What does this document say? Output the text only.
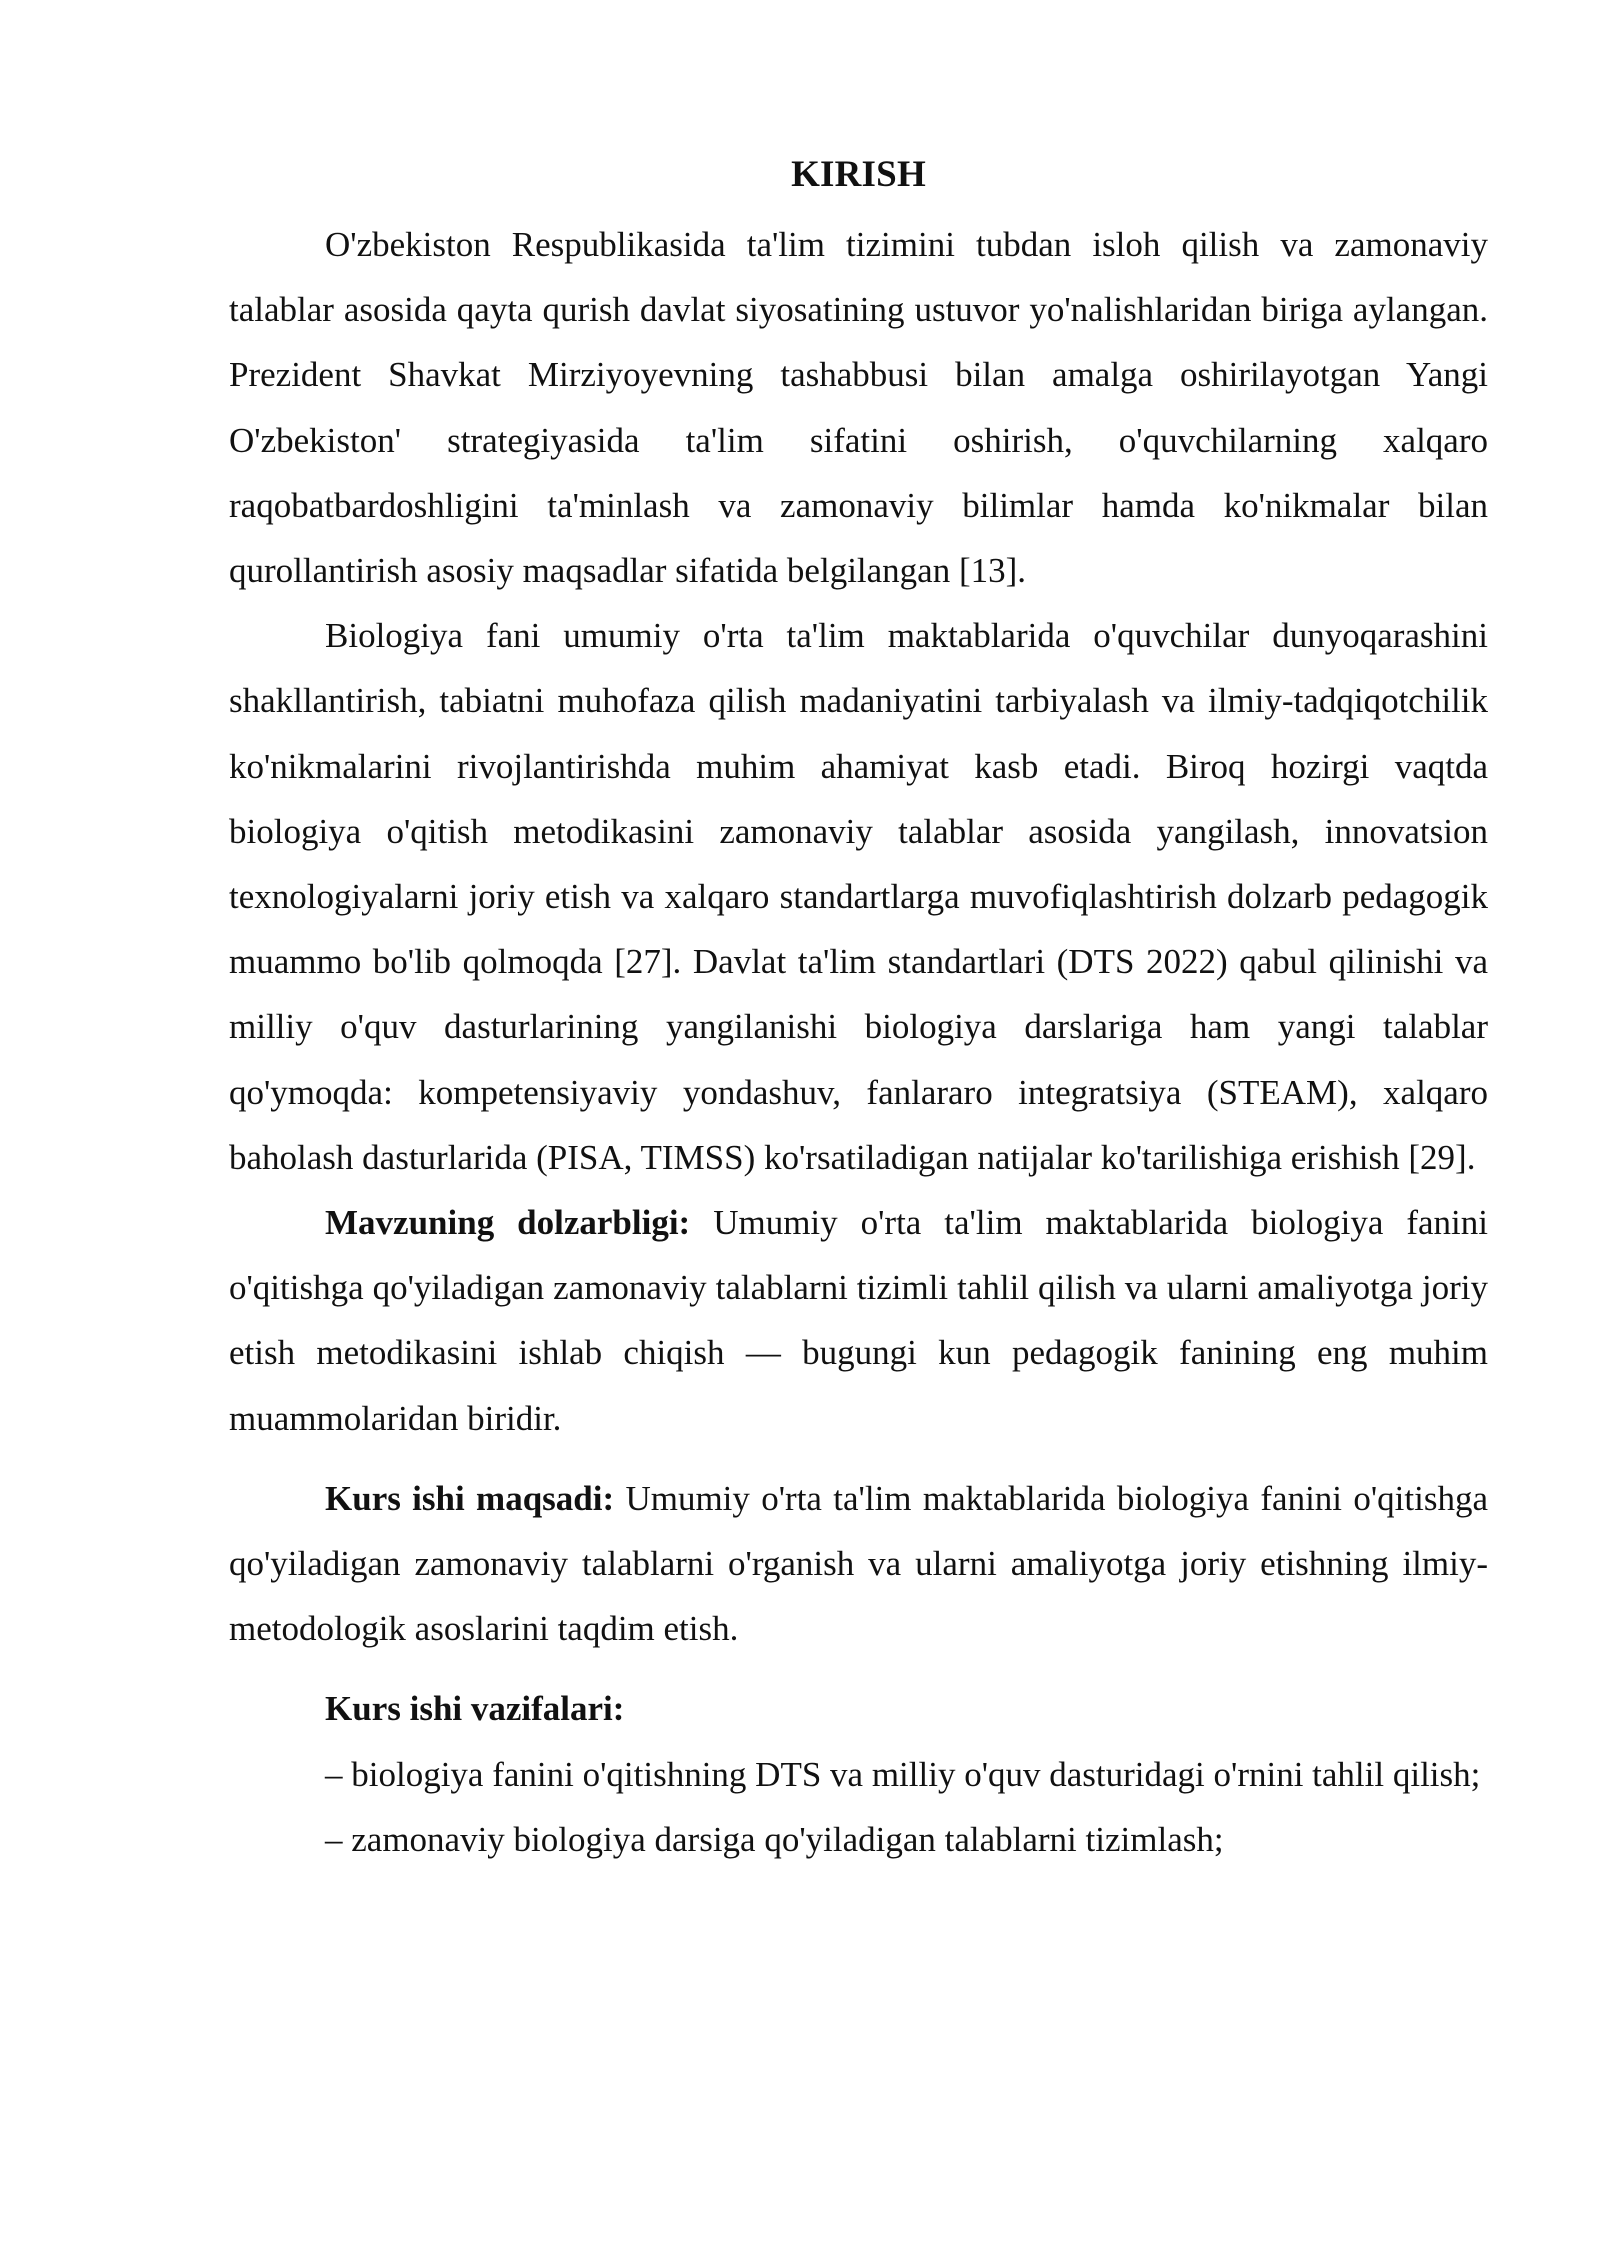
KIRISH

O'zbekiston Respublikasida ta'lim tizimini tubdan isloh qilish va zamonaviy talablar asosida qayta qurish davlat siyosatining ustuvor yo'nalishlaridan biriga aylangan. Prezident Shavkat Mirziyoyevning tashabbusi bilan amalga oshirilayotgan Yangi O'zbekiston' strategiyasida ta'lim sifatini oshirish, o'quvchilarning xalqaro raqobatbardoshligini ta'minlash va zamonaviy bilimlar hamda ko'nikmalar bilan qurollantirish asosiy maqsadlar sifatida belgilangan [13].

Biologiya fani umumiy o'rta ta'lim maktablarida o'quvchilar dunyoqarashini shakllantirish, tabiatni muhofaza qilish madaniyatini tarbiyalash va ilmiy-tadqiqotchilik ko'nikmalarini rivojlantirishda muhim ahamiyat kasb etadi. Biroq hozirgi vaqtda biologiya o'qitish metodikasini zamonaviy talablar asosida yangilash, innovatsion texnologiyalarni joriy etish va xalqaro standartlarga muvofiqlashtirish dolzarb pedagogik muammo bo'lib qolmoqda [27]. Davlat ta'lim standartlari (DTS 2022) qabul qilinishi va milliy o'quv dasturlarining yangilanishi biologiya darslariga ham yangi talablar qo'ymoqda: kompetensiyaviy yondashuv, fanlararo integratsiya (STEAM), xalqaro baholash dasturlarida (PISA, TIMSS) ko'rsatiladigan natijalar ko'tarilishiga erishish [29].

Mavzuning dolzarbligi: Umumiy o'rta ta'lim maktablarida biologiya fanini o'qitishga qo'yiladigan zamonaviy talablarni tizimli tahlil qilish va ularni amaliyotga joriy etish metodikasini ishlab chiqish — bugungi kun pedagogik fanining eng muhim muammolaridan biridir.

Kurs ishi maqsadi: Umumiy o'rta ta'lim maktablarida biologiya fanini o'qitishga qo'yiladigan zamonaviy talablarni o'rganish va ularni amaliyotga joriy etishning ilmiy-metodologik asoslarini taqdim etish.

Kurs ishi vazifalari:

– biologiya fanini o'qitishning DTS va milliy o'quv dasturidagi o'rnini tahlil qilish;

– zamonaviy biologiya darsiga qo'yiladigan talablarni tizimlash;
